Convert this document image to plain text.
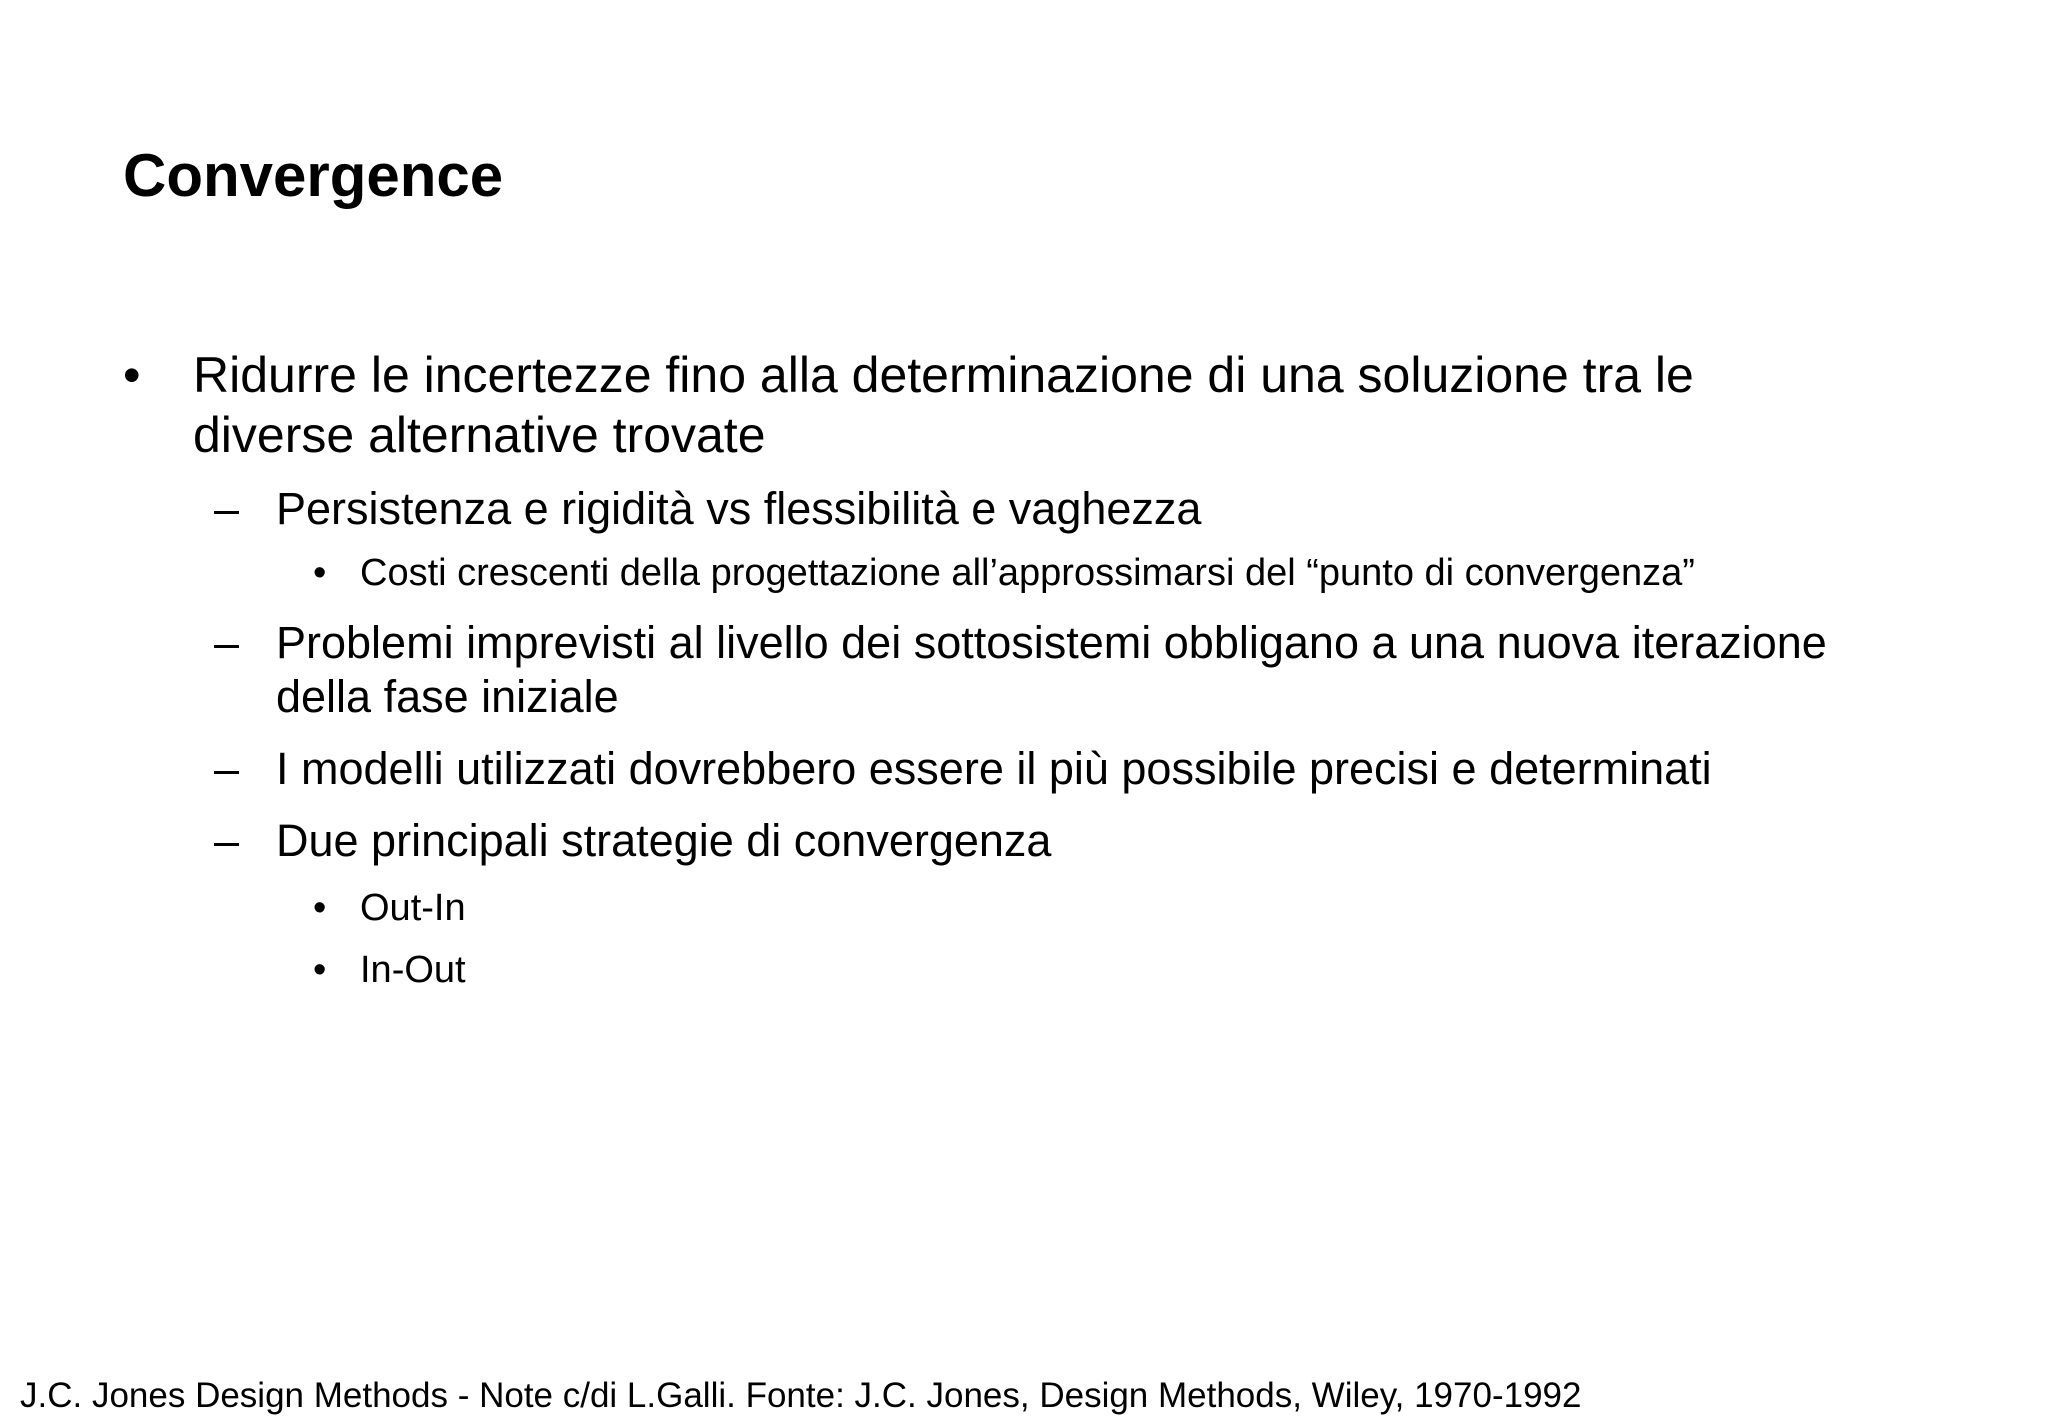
Convergence
• Ridurre le incertezze fino alla determinazione di una soluzione tra le
diverse alternative trovate
– Persistenza e rigidità vs flessibilità e vaghezza
• Costi crescenti della progettazione all’approssimarsi del “punto di convergenza”
– Problemi imprevisti al livello dei sottosistemi obbligano a una nuova iterazione
della fase iniziale
– I modelli utilizzati dovrebbero essere il più possibile precisi e determinati
– Due principali strategie di convergenza
• Out-In
• In-Out
J.C. Jones Design Methods - Note c/di L.Galli. Fonte: J.C. Jones, Design Methods, Wiley, 1970-1992
